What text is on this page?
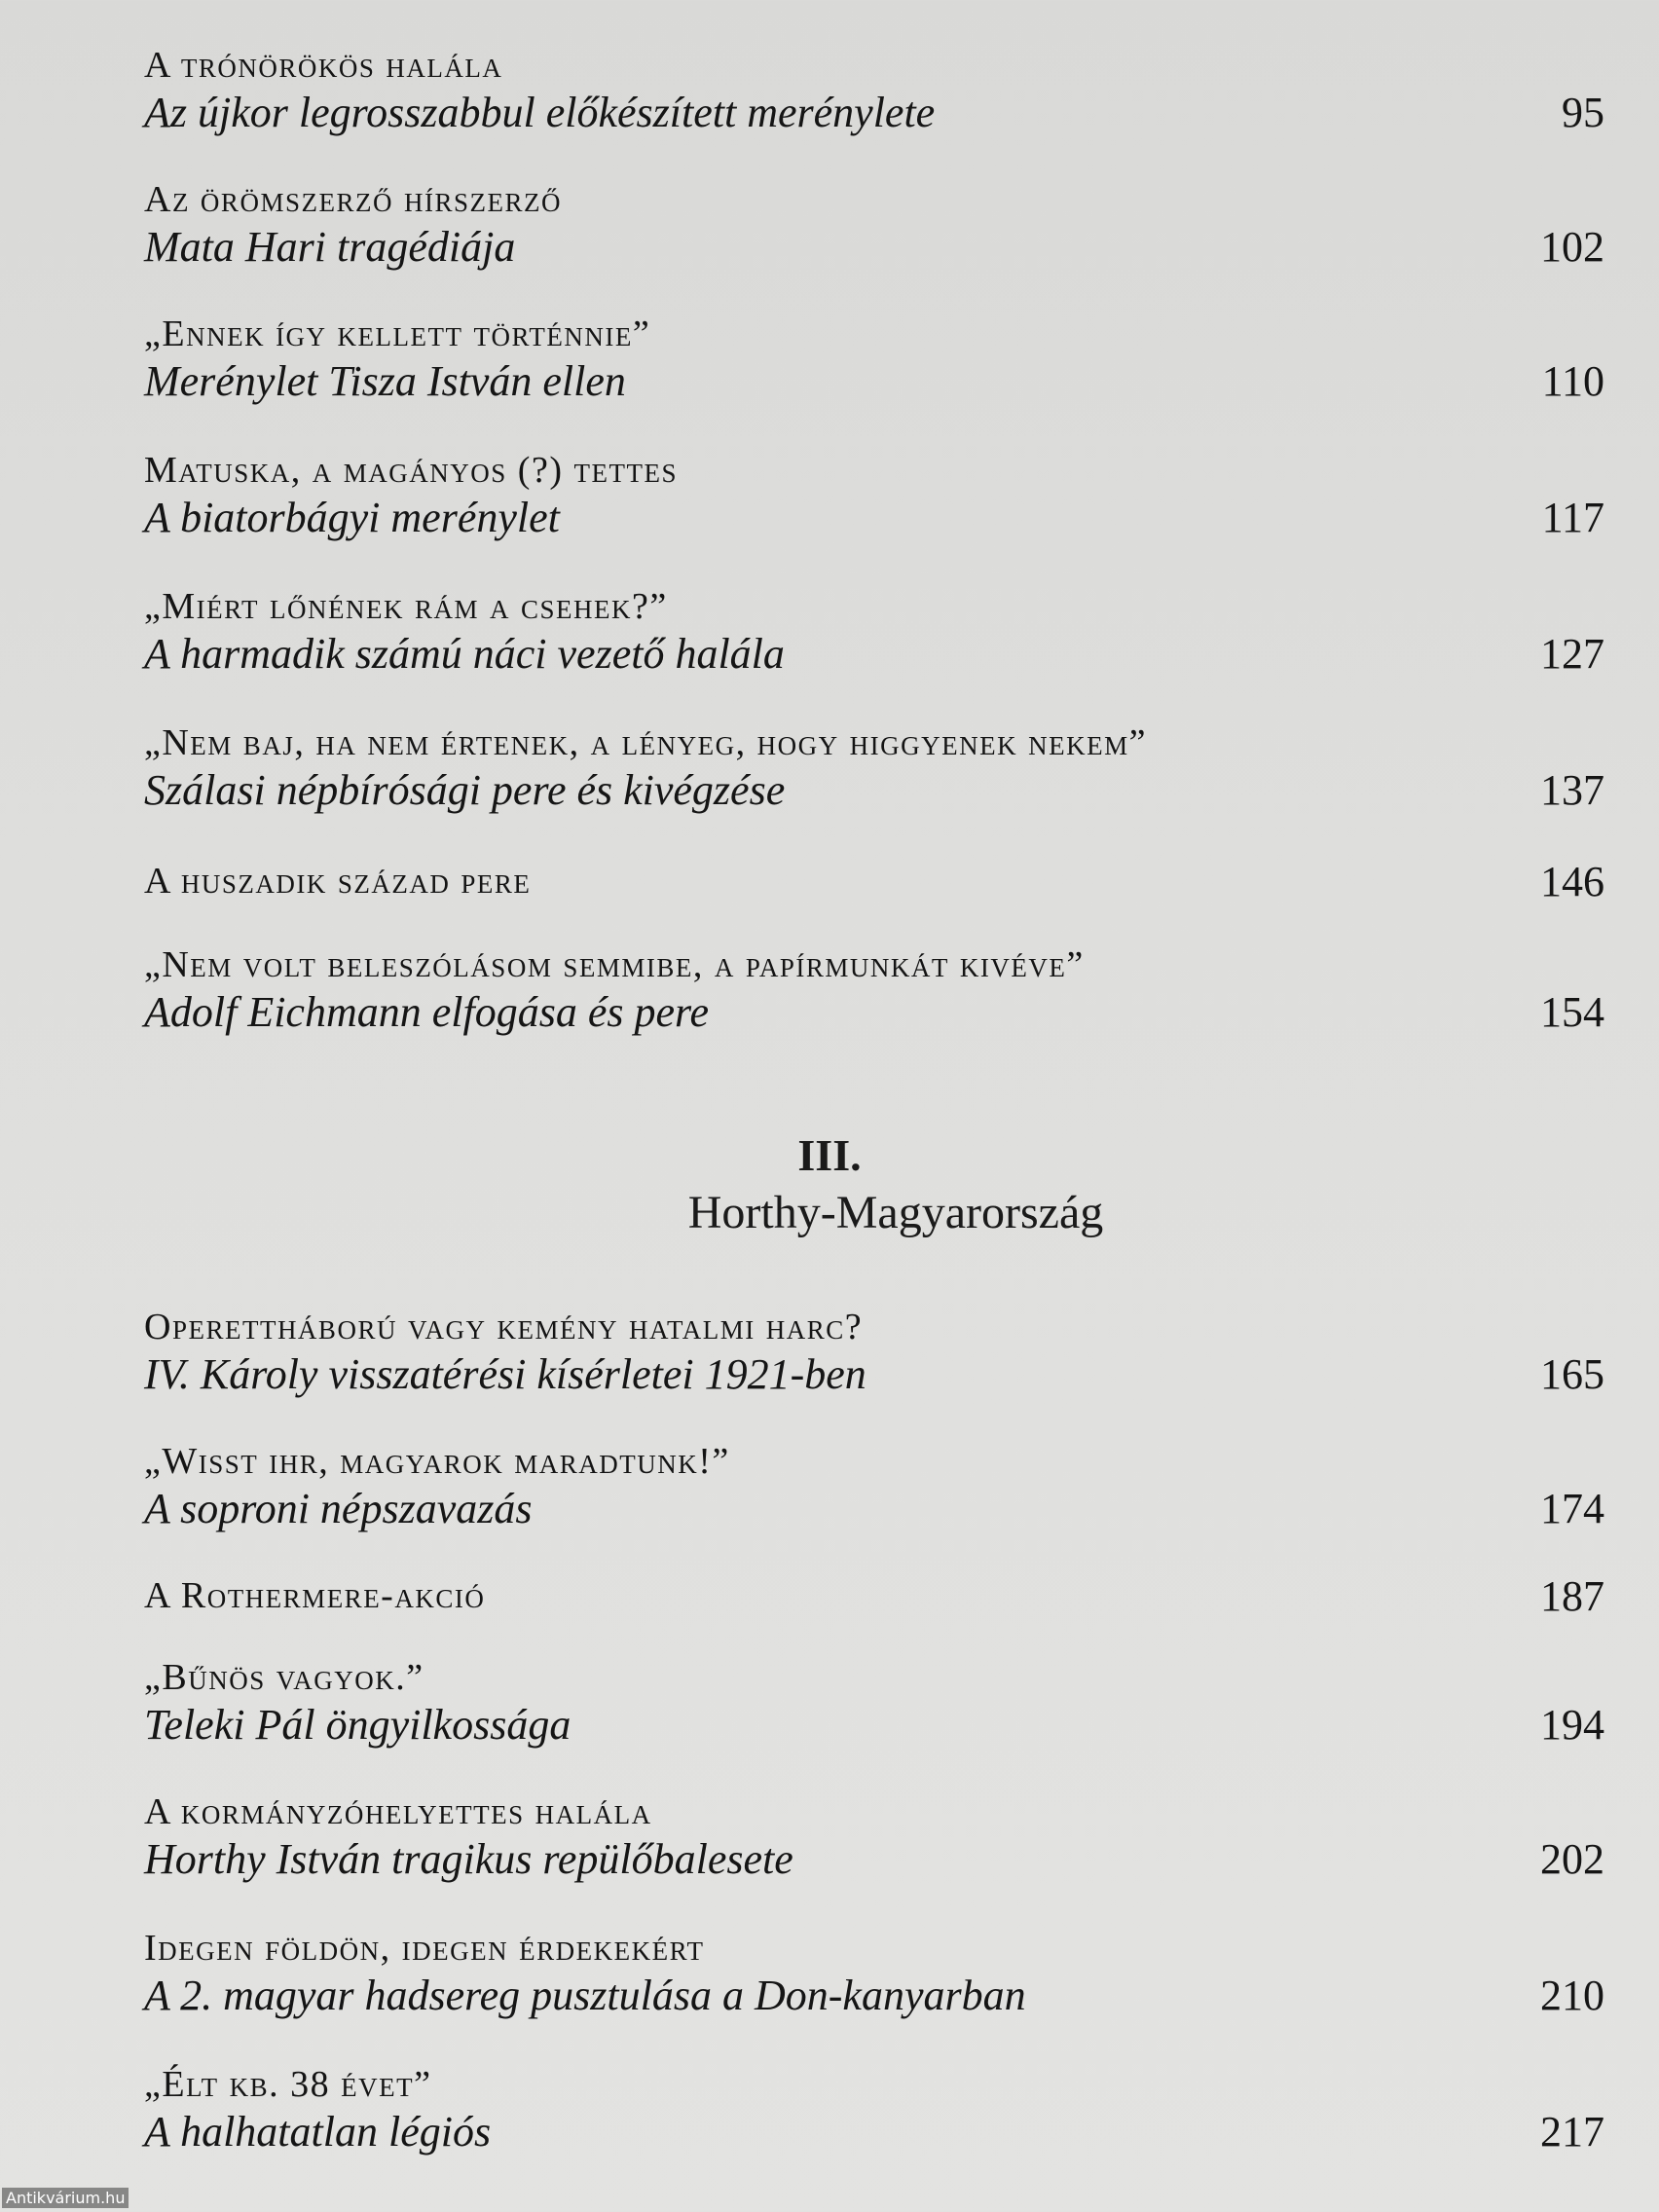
A trónörökös halála
Az újkor legrosszabbul előkészített merénylete	95
Az örömszerző hírszerző
Mata Hari tragédiája	102
„Ennek így kellett történnie”
Merénylet Tisza István ellen	110
Matuska, a magányos (?) tettes
A biatorbágyi merénylet	117
„Miért lőnének rám a csehek?”
A harmadik számú náci vezető halála	127
„Nem baj, ha nem értenek, a lényeg, hogy higgyenek nekem”
Szálasi népbírósági pere és kivégzése	137
A huszadik század pere	146
„Nem volt beleszólásom semmibe, a papírmunkát kivéve”
Adolf Eichmann elfogása és pere	154
III.
Horthy-Magyarország
Operettháború vagy kemény hatalmi harc?
IV. Károly visszatérési kísérletei 1921-ben	165
„Wisst ihr, magyarok maradtunk!”
A soproni népszavazás	174
A Rothermere-akció	187
„Bűnös vagyok.”
Teleki Pál öngyilkossága	194
A kormányzóhelyettes halála
Horthy István tragikus repülőbalesete	202
Idegen földön, idegen érdekekért
A 2. magyar hadsereg pusztulása a Don-kanyarban	210
„Élt kb. 38 évet”
A halhatatlan légiós	217
Antikvárium.hu
